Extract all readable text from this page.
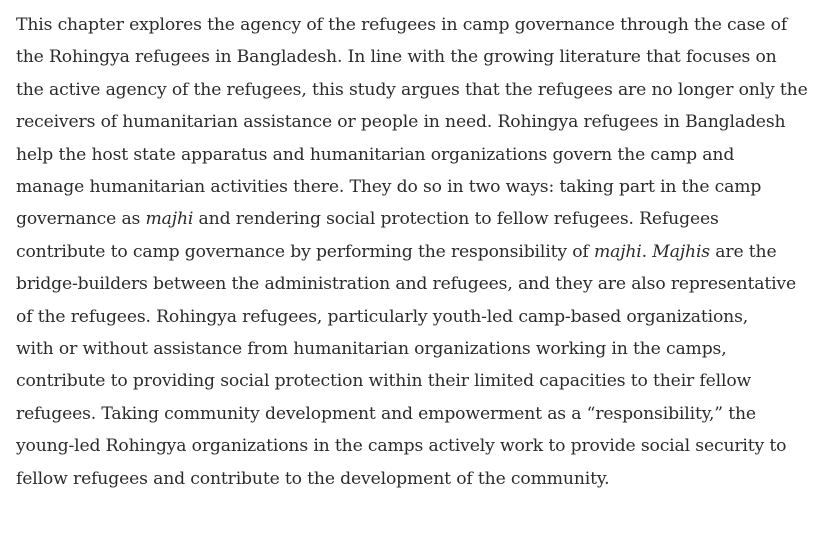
This chapter explores the agency of the refugees in camp governance through the case of
the Rohingya refugees in Bangladesh. In line with the growing literature that focuses on
the active agency of the refugees, this study argues that the refugees are no longer only the
receivers of humanitarian assistance or people in need. Rohingya refugees in Bangladesh
help the host state apparatus and humanitarian organizations govern the camp and
manage humanitarian activities there. They do so in two ways: taking part in the camp
governance as majhi and rendering social protection to fellow refugees. Refugees
contribute to camp governance by performing the responsibility of majhi. Majhis are the
bridge-builders between the administration and refugees, and they are also representative
of the refugees. Rohingya refugees, particularly youth-led camp-based organizations,
with or without assistance from humanitarian organizations working in the camps,
contribute to providing social protection within their limited capacities to their fellow
refugees. Taking community development and empowerment as a “responsibility,” the
young-led Rohingya organizations in the camps actively work to provide social security to
fellow refugees and contribute to the development of the community.
